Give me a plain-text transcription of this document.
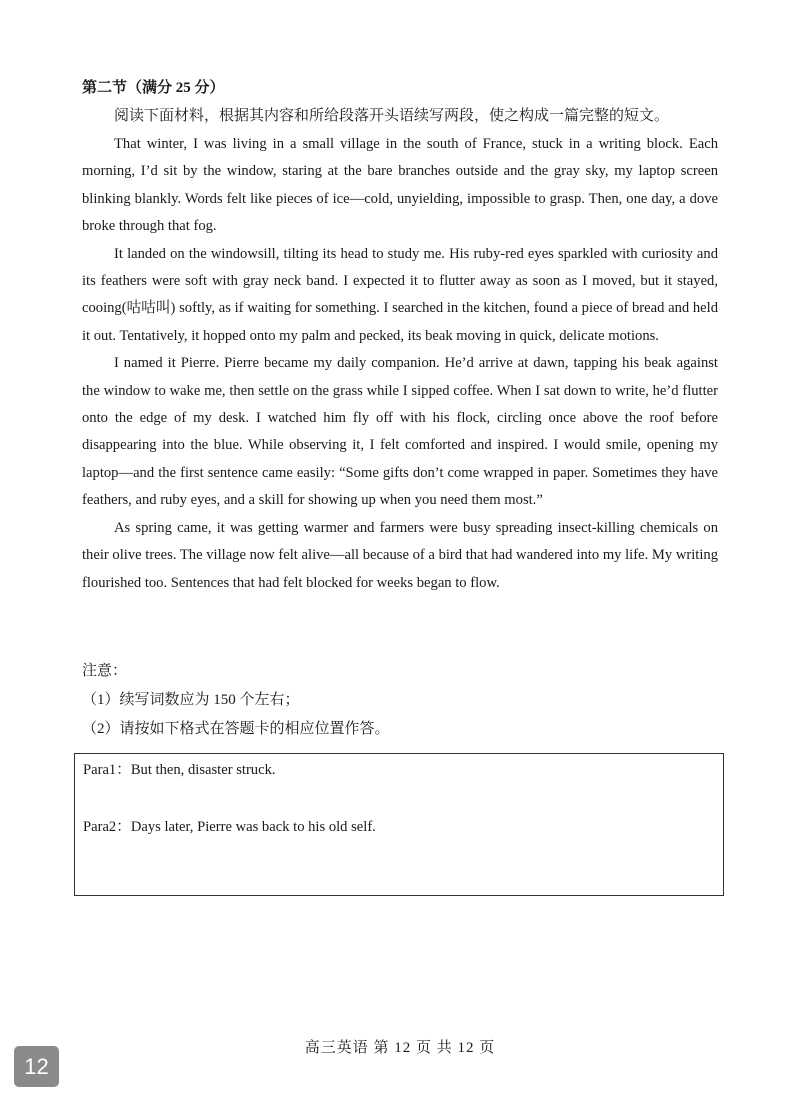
第二节（满分 25 分）
阅读下面材料，根据其内容和所给段落开头语续写两段，使之构成一篇完整的短文。

That winter, I was living in a small village in the south of France, stuck in a writing block. Each morning, I’d sit by the window, staring at the bare branches outside and the gray sky, my laptop screen blinking blankly. Words felt like pieces of ice—cold, unyielding, impossible to grasp. Then, one day, a dove broke through that fog.

It landed on the windowsill, tilting its head to study me. His ruby-red eyes sparkled with curiosity and its feathers were soft with gray neck band. I expected it to flutter away as soon as I moved, but it stayed, cooing(咕咕叫) softly, as if waiting for something. I searched in the kitchen, found a piece of bread and held it out. Tentatively, it hopped onto my palm and pecked, its beak moving in quick, delicate motions.

I named it Pierre. Pierre became my daily companion. He’d arrive at dawn, tapping his beak against the window to wake me, then settle on the grass while I sipped coffee. When I sat down to write, he’d flutter onto the edge of my desk. I watched him fly off with his flock, circling once above the roof before disappearing into the blue. While observing it, I felt comforted and inspired. I would smile, opening my laptop—and the first sentence came easily: “Some gifts don’t come wrapped in paper. Sometimes they have feathers, and ruby eyes, and a skill for showing up when you need them most.”

As spring came, it was getting warmer and farmers were busy spreading insect-killing chemicals on their olive trees. The village now felt alive—all because of a bird that had wandered into my life. My writing flourished too. Sentences that had felt blocked for weeks began to flow.

注意：
（1）续写词数应为 150 个左右；
（2）请按如下格式在答题卡的相应位置作答。
Para1：But then, disaster struck.
Para2：Days later, Pierre was back to his old self.
高三英语 第 12 页 共 12 页
12
